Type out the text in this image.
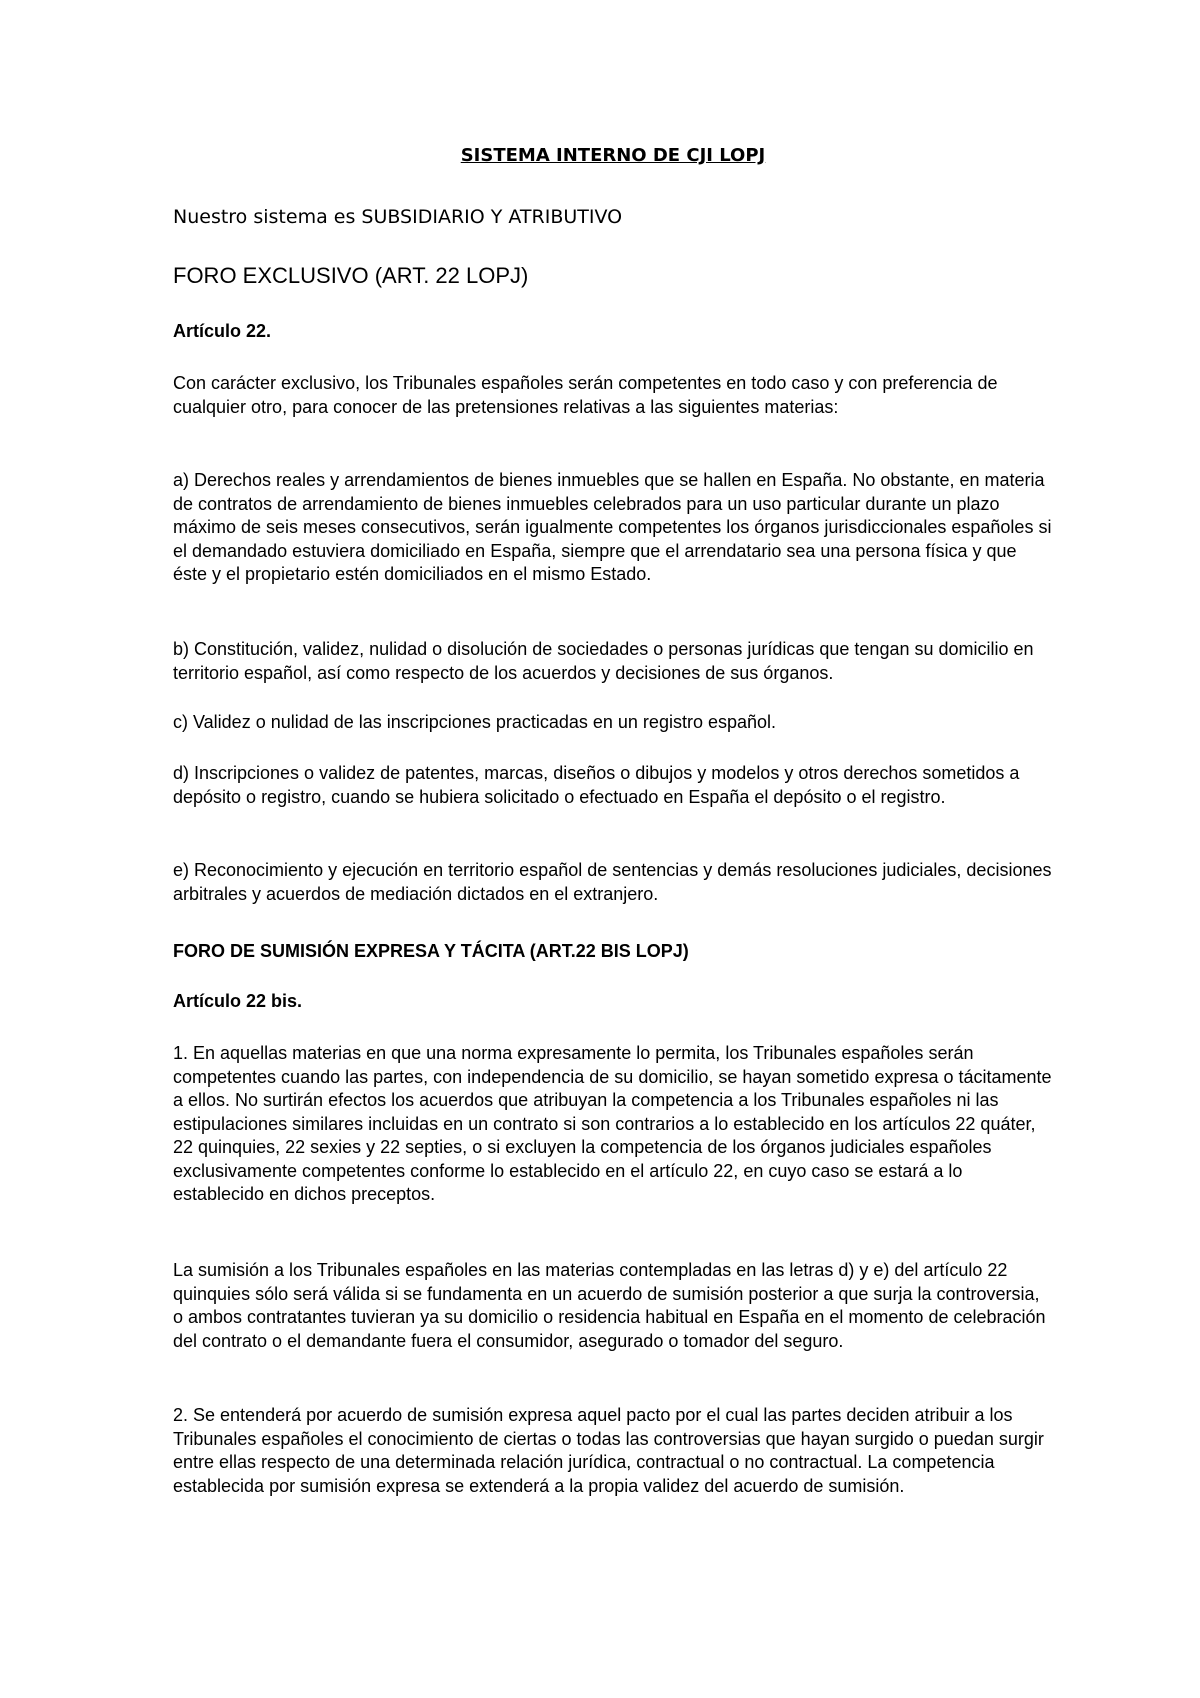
SISTEMA INTERNO DE CJI LOPJ

Nuestro sistema es SUBSIDIARIO Y ATRIBUTIVO

FORO EXCLUSIVO (ART. 22 LOPJ)

Artículo 22.

Con carácter exclusivo, los Tribunales españoles serán competentes en todo caso y con preferencia de cualquier otro, para conocer de las pretensiones relativas a las siguientes materias:

a) Derechos reales y arrendamientos de bienes inmuebles que se hallen en España. No obstante, en materia de contratos de arrendamiento de bienes inmuebles celebrados para un uso particular durante un plazo máximo de seis meses consecutivos, serán igualmente competentes los órganos jurisdiccionales españoles si el demandado estuviera domiciliado en España, siempre que el arrendatario sea una persona física y que éste y el propietario estén domiciliados en el mismo Estado.

b) Constitución, validez, nulidad o disolución de sociedades o personas jurídicas que tengan su domicilio en territorio español, así como respecto de los acuerdos y decisiones de sus órganos.

c) Validez o nulidad de las inscripciones practicadas en un registro español.

d) Inscripciones o validez de patentes, marcas, diseños o dibujos y modelos y otros derechos sometidos a depósito o registro, cuando se hubiera solicitado o efectuado en España el depósito o el registro.

e) Reconocimiento y ejecución en territorio español de sentencias y demás resoluciones judiciales, decisiones arbitrales y acuerdos de mediación dictados en el extranjero.

FORO DE SUMISIÓN EXPRESA Y TÁCITA (ART.22 BIS LOPJ)

Artículo 22 bis.

1. En aquellas materias en que una norma expresamente lo permita, los Tribunales españoles serán competentes cuando las partes, con independencia de su domicilio, se hayan sometido expresa o tácitamente a ellos. No surtirán efectos los acuerdos que atribuyan la competencia a los Tribunales españoles ni las estipulaciones similares incluidas en un contrato si son contrarios a lo establecido en los artículos 22 quáter, 22 quinquies, 22 sexies y 22 septies, o si excluyen la competencia de los órganos judiciales españoles exclusivamente competentes conforme lo establecido en el artículo 22, en cuyo caso se estará a lo establecido en dichos preceptos.

La sumisión a los Tribunales españoles en las materias contempladas en las letras d) y e) del artículo 22 quinquies sólo será válida si se fundamenta en un acuerdo de sumisión posterior a que surja la controversia, o ambos contratantes tuvieran ya su domicilio o residencia habitual en España en el momento de celebración del contrato o el demandante fuera el consumidor, asegurado o tomador del seguro.

2. Se entenderá por acuerdo de sumisión expresa aquel pacto por el cual las partes deciden atribuir a los Tribunales españoles el conocimiento de ciertas o todas las controversias que hayan surgido o puedan surgir entre ellas respecto de una determinada relación jurídica, contractual o no contractual. La competencia establecida por sumisión expresa se extenderá a la propia validez del acuerdo de sumisión.
